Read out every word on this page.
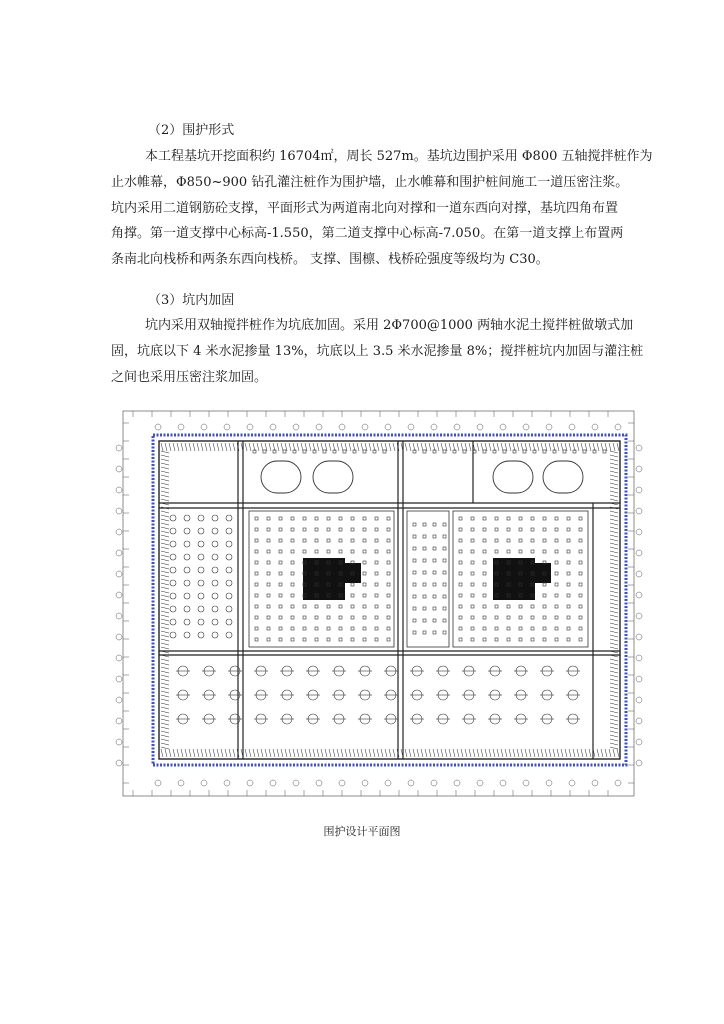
（2）围护形式
本工程基坑开挖面积约 16704㎡，周长 527m。基坑边围护采用 Φ800 五轴搅拌桩作为
止水帷幕，Φ850~900 钻孔灌注桩作为围护墙，止水帷幕和围护桩间施工一道压密注浆。
坑内采用二道钢筋砼支撑，平面形式为两道南北向对撑和一道东西向对撑，基坑四角布置
角撑。第一道支撑中心标高-1.550，第二道支撑中心标高-7.050。在第一道支撑上布置两
条南北向栈桥和两条东西向栈桥。 支撑、围檩、栈桥砼强度等级均为 C30。
（3）坑内加固
坑内采用双轴搅拌桩作为坑底加固。采用 2Φ700@1000 两轴水泥土搅拌桩做墩式加
固，坑底以下 4 米水泥掺量 13%，坑底以上 3.5 米水泥掺量 8%；搅拌桩坑内加固与灌注桩
之间也采用压密注浆加固。
围护设计平面图
